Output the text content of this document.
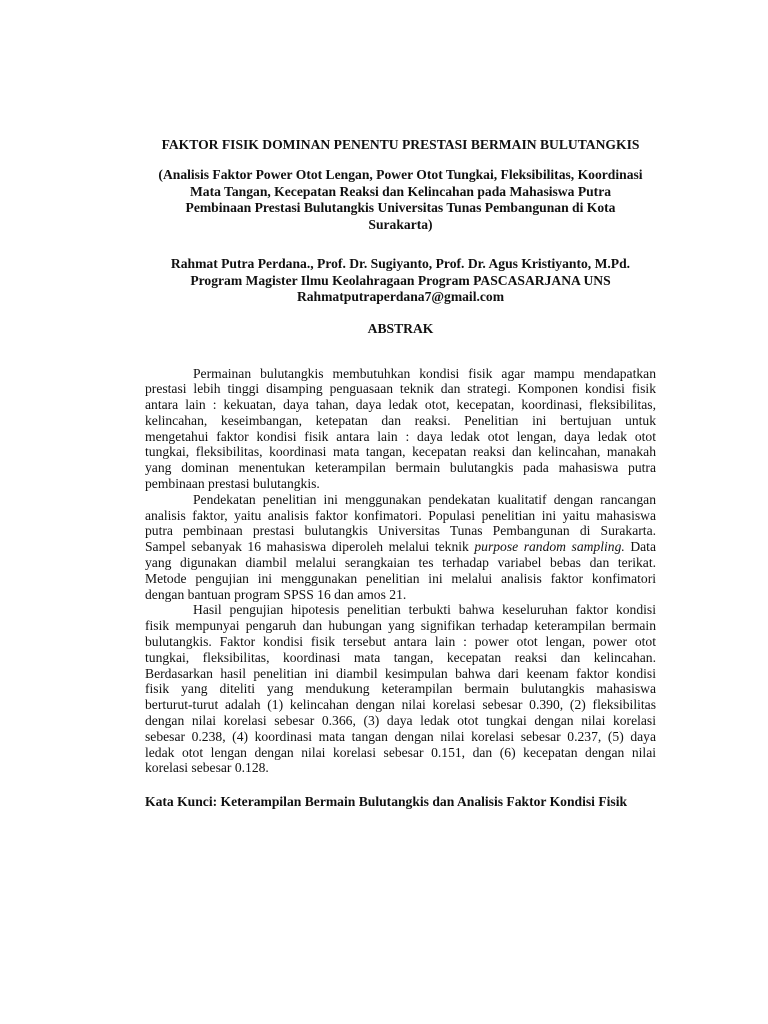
FAKTOR FISIK DOMINAN PENENTU PRESTASI BERMAIN BULUTANGKIS

(Analisis Faktor Power Otot Lengan, Power Otot Tungkai, Fleksibilitas, Koordinasi
Mata Tangan, Kecepatan Reaksi dan Kelincahan pada Mahasiswa Putra
Pembinaan Prestasi Bulutangkis Universitas Tunas Pembangunan di Kota
Surakarta)

Rahmat Putra Perdana., Prof. Dr. Sugiyanto, Prof. Dr. Agus Kristiyanto, M.Pd.
Program Magister Ilmu Keolahragaan Program PASCASARJANA UNS
Rahmatputraperdana7@gmail.com
ABSTRAK
Permainan bulutangkis membutuhkan kondisi fisik agar mampu mendapatkan
prestasi lebih tinggi disamping penguasaan teknik dan strategi. Komponen kondisi fisik
antara lain : kekuatan, daya tahan, daya ledak otot, kecepatan, koordinasi, fleksibilitas,
kelincahan, keseimbangan, ketepatan dan reaksi. Penelitian ini bertujuan untuk
mengetahui faktor kondisi fisik antara lain : daya ledak otot lengan, daya ledak otot
tungkai, fleksibilitas, koordinasi mata tangan, kecepatan reaksi dan kelincahan, manakah
yang dominan menentukan keterampilan bermain bulutangkis pada mahasiswa putra
pembinaan prestasi bulutangkis.
Pendekatan penelitian ini menggunakan pendekatan kualitatif dengan rancangan
analisis faktor, yaitu analisis faktor konfimatori. Populasi penelitian ini yaitu mahasiswa
putra pembinaan prestasi bulutangkis Universitas Tunas Pembangunan di Surakarta.
Sampel sebanyak 16 mahasiswa diperoleh melalui teknik purpose random sampling. Data
yang digunakan diambil melalui serangkaian tes terhadap variabel bebas dan terikat.
Metode pengujian ini menggunakan penelitian ini melalui analisis faktor konfimatori
dengan bantuan program SPSS 16 dan amos 21.
Hasil pengujian hipotesis penelitian terbukti bahwa keseluruhan faktor kondisi
fisik mempunyai pengaruh dan hubungan yang signifikan terhadap keterampilan bermain
bulutangkis. Faktor kondisi fisik tersebut antara lain : power otot lengan, power otot
tungkai, fleksibilitas, koordinasi mata tangan, kecepatan reaksi dan kelincahan.
Berdasarkan hasil penelitian ini diambil kesimpulan bahwa dari keenam faktor kondisi
fisik yang diteliti yang mendukung keterampilan bermain bulutangkis mahasiswa
berturut-turut adalah (1) kelincahan dengan nilai korelasi sebesar 0.390, (2) fleksibilitas
dengan nilai korelasi sebesar 0.366, (3) daya ledak otot tungkai dengan nilai korelasi
sebesar 0.238, (4) koordinasi mata tangan dengan nilai korelasi sebesar 0.237, (5) daya
ledak otot lengan dengan nilai korelasi sebesar 0.151, dan (6) kecepatan dengan nilai
korelasi sebesar 0.128.
Kata Kunci: Keterampilan Bermain Bulutangkis dan Analisis Faktor Kondisi Fisik
